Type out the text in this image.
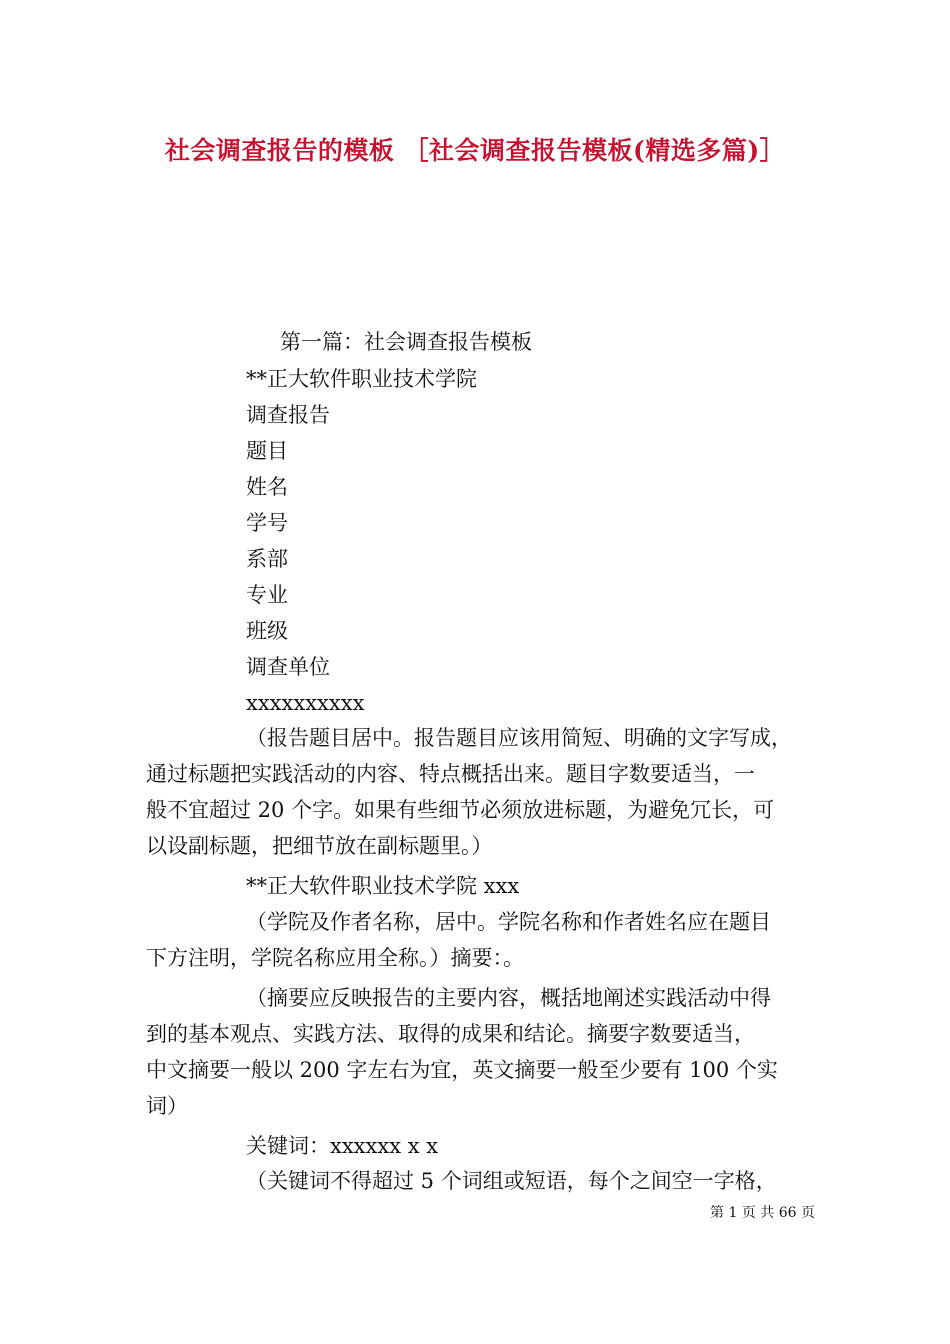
社会调查报告的模板 ［社会调查报告模板(精选多篇)］
第一篇：社会调查报告模板
**正大软件职业技术学院
调查报告
题目
姓名
学号
系部
专业
班级
调查单位
xxxxxxxxxx
（报告题目居中。报告题目应该用简短、明确的文字写成，
通过标题把实践活动的内容、特点概括出来。题目字数要适当，一
般不宜超过 20 个字。如果有些细节必须放进标题，为避免冗长，可
以设副标题，把细节放在副标题里。）
**正大软件职业技术学院 xxx
（学院及作者名称，居中。学院名称和作者姓名应在题目
下方注明，学院名称应用全称。）摘要：。
（摘要应反映报告的主要内容，概括地阐述实践活动中得
到的基本观点、实践方法、取得的成果和结论。摘要字数要适当，
中文摘要一般以 200 字左右为宜，英文摘要一般至少要有 100 个实
词）
关键词：xxxxxx x x
（关键词不得超过 5 个词组或短语，每个之间空一字格，
第 1 页 共 66 页
